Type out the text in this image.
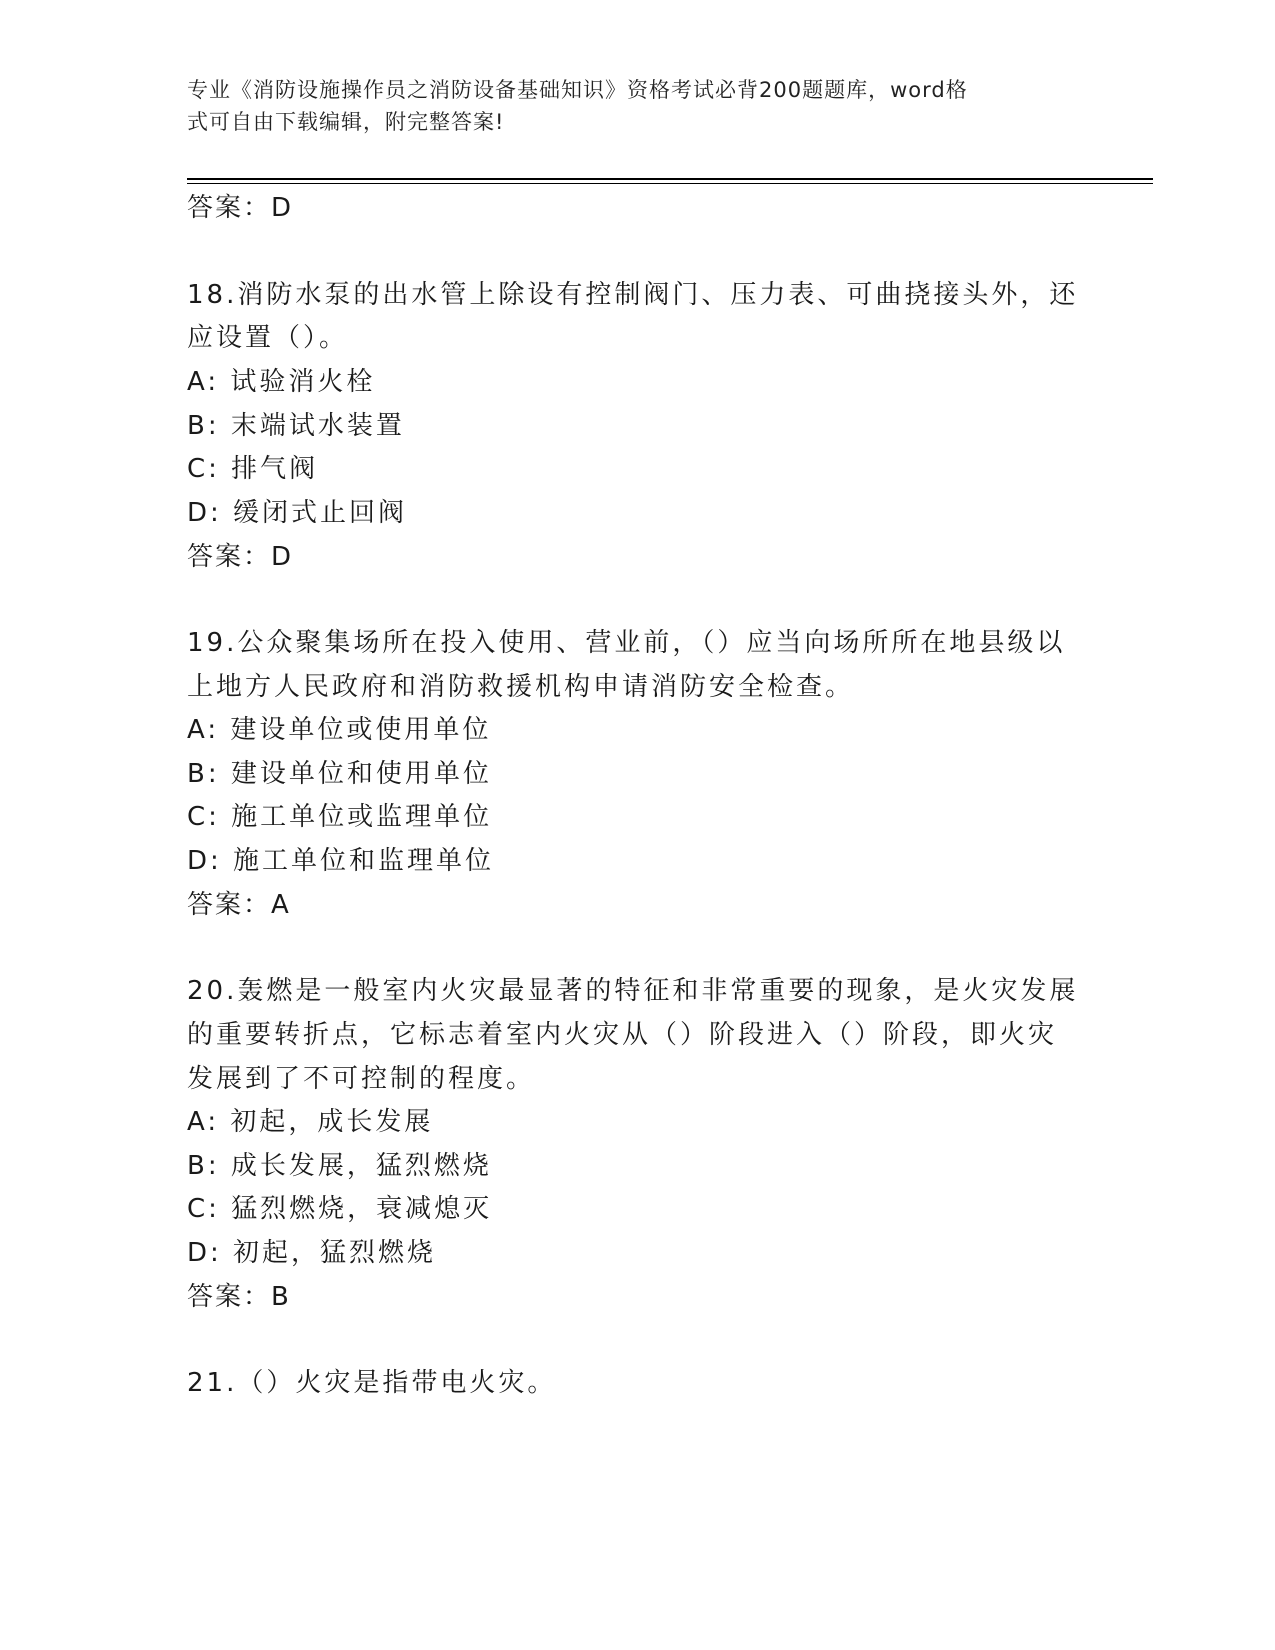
专业《消防设施操作员之消防设备基础知识》资格考试必背200题题库，word格
式可自由下载编辑，附完整答案!
答案：D
18.消防水泵的出水管上除设有控制阀门、压力表、可曲挠接头外，还
应设置（）。
A: 试验消火栓
B: 末端试水装置
C: 排气阀
D: 缓闭式止回阀
答案：D
19.公众聚集场所在投入使用、营业前，（）应当向场所所在地县级以
上地方人民政府和消防救援机构申请消防安全检查。
A: 建设单位或使用单位
B: 建设单位和使用单位
C: 施工单位或监理单位
D: 施工单位和监理单位
答案：A
20.轰燃是一般室内火灾最显著的特征和非常重要的现象，是火灾发展
的重要转折点，它标志着室内火灾从（）阶段进入（）阶段，即火灾
发展到了不可控制的程度。
A: 初起，成长发展
B: 成长发展，猛烈燃烧
C: 猛烈燃烧，衰减熄灭
D: 初起，猛烈燃烧
答案：B
21.（）火灾是指带电火灾。
